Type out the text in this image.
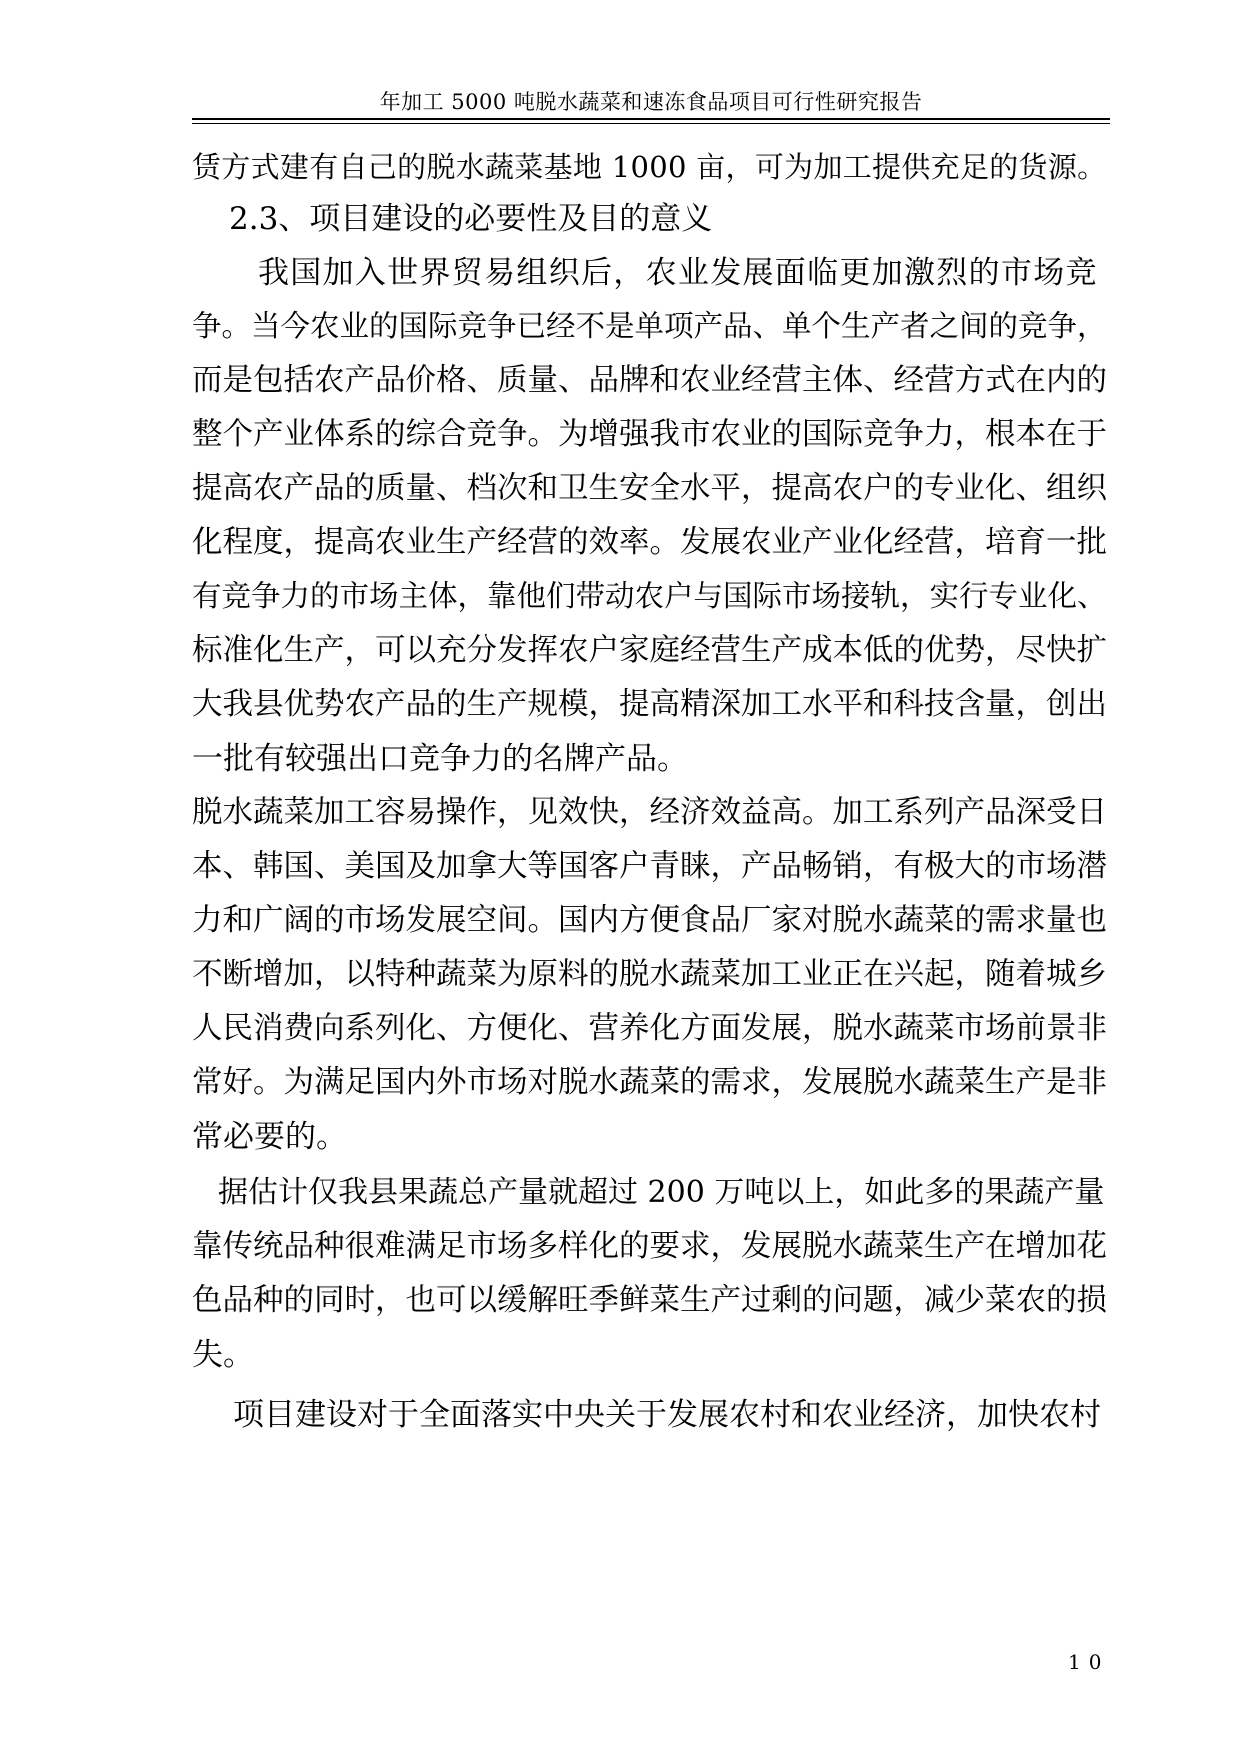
年加工 5000 吨脱水蔬菜和速冻食品项目可行性研究报告
赁方式建有自己的脱水蔬菜基地 1000 亩，可为加工提供充足的货源。
2.3、项目建设的必要性及目的意义
我国加入世界贸易组织后，农业发展面临更加激烈的市场竞
争。当今农业的国际竞争已经不是单项产品、单个生产者之间的竞争，
而是包括农产品价格、质量、品牌和农业经营主体、经营方式在内的
整个产业体系的综合竞争。为增强我市农业的国际竞争力，根本在于
提高农产品的质量、档次和卫生安全水平，提高农户的专业化、组织
化程度，提高农业生产经营的效率。发展农业产业化经营，培育一批
有竞争力的市场主体，靠他们带动农户与国际市场接轨，实行专业化、
标准化生产，可以充分发挥农户家庭经营生产成本低的优势，尽快扩
大我县优势农产品的生产规模，提高精深加工水平和科技含量，创出
一批有较强出口竞争力的名牌产品。
脱水蔬菜加工容易操作，见效快，经济效益高。加工系列产品深受日
本、韩国、美国及加拿大等国客户青睐，产品畅销，有极大的市场潜
力和广阔的市场发展空间。国内方便食品厂家对脱水蔬菜的需求量也
不断增加，以特种蔬菜为原料的脱水蔬菜加工业正在兴起，随着城乡
人民消费向系列化、方便化、营养化方面发展，脱水蔬菜市场前景非
常好。为满足国内外市场对脱水蔬菜的需求，发展脱水蔬菜生产是非
常必要的。
据估计仅我县果蔬总产量就超过 200 万吨以上，如此多的果蔬产量
靠传统品种很难满足市场多样化的要求，发展脱水蔬菜生产在增加花
色品种的同时，也可以缓解旺季鲜菜生产过剩的问题，减少菜农的损
失。
项目建设对于全面落实中央关于发展农村和农业经济，加快农村
10
